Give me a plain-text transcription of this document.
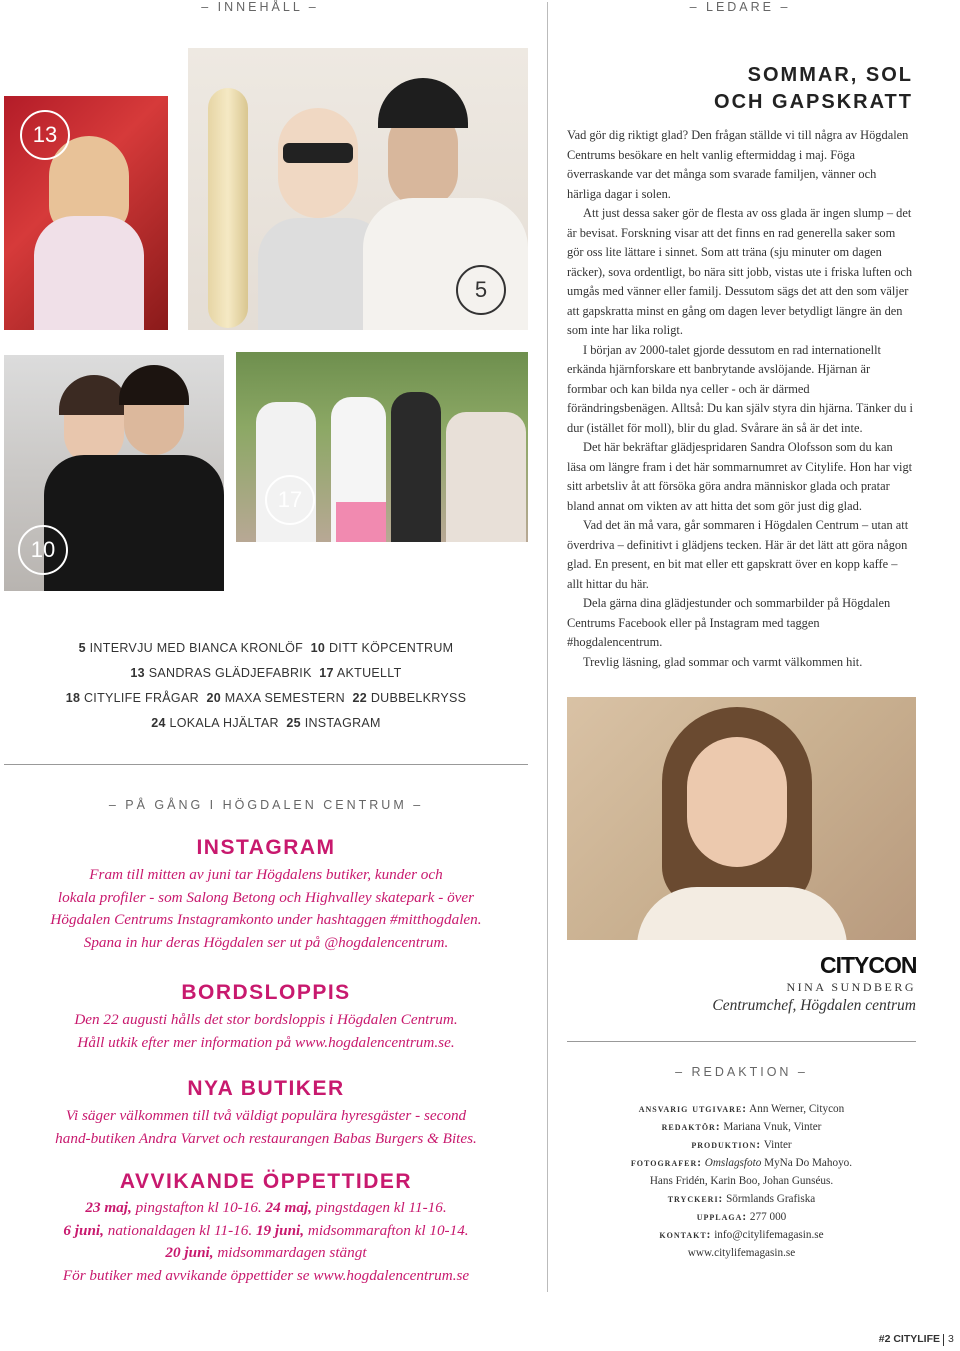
– INNEHÅLL –	– LEDARE –
13
5
10
17
5 INTERVJU MED BIANCA KRONLÖF 10 DITT KÖPCENTRUM
13 SANDRAS GLÄDJEFABRIK 17 AKTUELLT
18 CITYLIFE FRÅGAR 20 MAXA SEMESTERN 22 DUBBELKRYSS
24 LOKALA HJÄLTAR 25 INSTAGRAM
– PÅ GÅNG I HÖGDALEN CENTRUM –
INSTAGRAM
Fram till mitten av juni tar Högdalens butiker, kunder och
lokala profiler - som Salong Betong och Highvalley skatepark - över
Högdalen Centrums Instagramkonto under hashtaggen #mitthogdalen.
Spana in hur deras Högdalen ser ut på @hogdalencentrum.
BORDSLOPPIS
Den 22 augusti hålls det stor bordsloppis i Högdalen Centrum.
Håll utkik efter mer information på www.hogdalencentrum.se.
NYA BUTIKER
Vi säger välkommen till två väldigt populära hyresgäster - second
hand-butiken Andra Varvet och restaurangen Babas Burgers & Bites.
AVVIKANDE ÖPPETTIDER
23 maj, pingstafton kl 10-16. 24 maj, pingstdagen kl 11-16.
6 juni, nationaldagen kl 11-16. 19 juni, midsommarafton kl 10-14.
20 juni, midsommardagen stängt
För butiker med avvikande öppettider se www.hogdalencentrum.se
SOMMAR, SOL
OCH GAPSKRATT

Vad gör dig riktigt glad? Den frågan ställde vi till några av Högdalen Centrums besökare en helt vanlig eftermiddag i maj. Föga överraskande var det många som svarade familjen, vänner och härliga dagar i solen.

Att just dessa saker gör de flesta av oss glada är ingen slump – det är bevisat. Forskning visar att det finns en rad generella saker som gör oss lite lättare i sinnet. Som att träna (sju minuter om dagen räcker), sova ordentligt, bo nära sitt jobb, vistas ute i friska luften och umgås med vänner eller familj. Dessutom sägs det att den som väljer att gapskratta minst en gång om dagen lever betydligt längre än den som inte har lika roligt.

I början av 2000-talet gjorde dessutom en rad internationellt erkända hjärnforskare ett banbrytande avslöjande. Hjärnan är formbar och kan bilda nya celler - och är därmed förändringsbenägen. Alltså: Du kan själv styra din hjärna. Tänker du i dur (istället för moll), blir du glad. Svårare än så är det inte.

Det här bekräftar glädjespridaren Sandra Olofsson som du kan läsa om längre fram i det här sommarnumret av Citylife. Hon har vigt sitt arbetsliv åt att försöka göra andra människor glada och pratar bland annat om vikten av att hitta det som gör just dig glad.

Vad det än må vara, går sommaren i Högdalen Centrum – utan att överdriva – definitivt i glädjens tecken. Här är det lätt att göra någon glad. En present, en bit mat eller ett gapskratt över en kopp kaffe – allt hittar du här.

Dela gärna dina glädjestunder och sommarbilder på Högdalen Centrums Facebook eller på Instagram med taggen #hogdalencentrum.

Trevlig läsning, glad sommar och varmt välkommen hit.

CITYCON
NINA SUNDBERG
Centrumchef, Högdalen centrum
– REDAKTION –
ansvarig utgivare: Ann Werner, Citycon
redaktör: Mariana Vnuk, Vinter
produktion: Vinter
fotografer: Omslagsfoto MyNa Do Mahoyo.
Hans Fridén, Karin Boo, Johan Gunséus.
tryckeri: Sörmlands Grafiska
upplaga: 277 000
kontakt: info@citylifemagasin.se
www.citylifemagasin.se
#2 CITYLIFE 3
